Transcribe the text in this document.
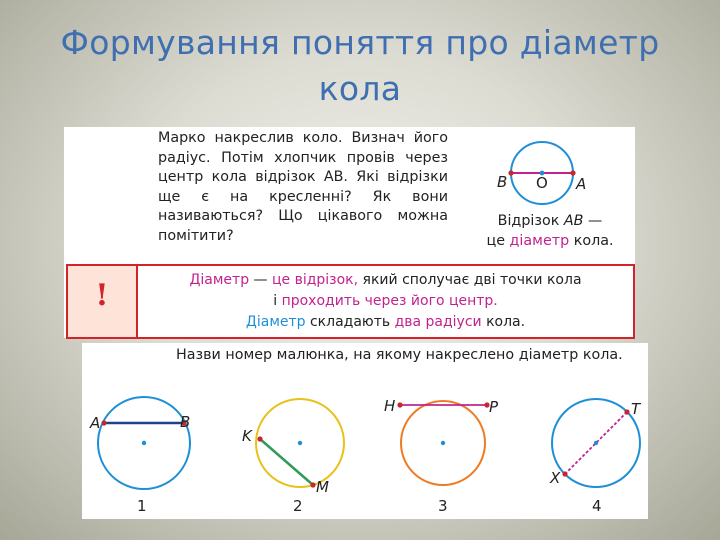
Формування поняття про діаметр
кола
Марко накреслив коло. Визнач його радіус. Потім хлопчик провів через центр кола відрізок AB. Які відрізки ще є на кресленні? Як вони називаються? Що цікавого можна помітити?
B O A
Відрізок AB —
це діаметр кола.
!	Діаметр — це відрізок, який сполучає дві точки кола
і проходить через його центр.
Діаметр складають два радіуси кола.
Назви номер малюнка, на якому накреслено діаметр кола.
A	B
1
K
M
2
H	P
3
T
X
4
